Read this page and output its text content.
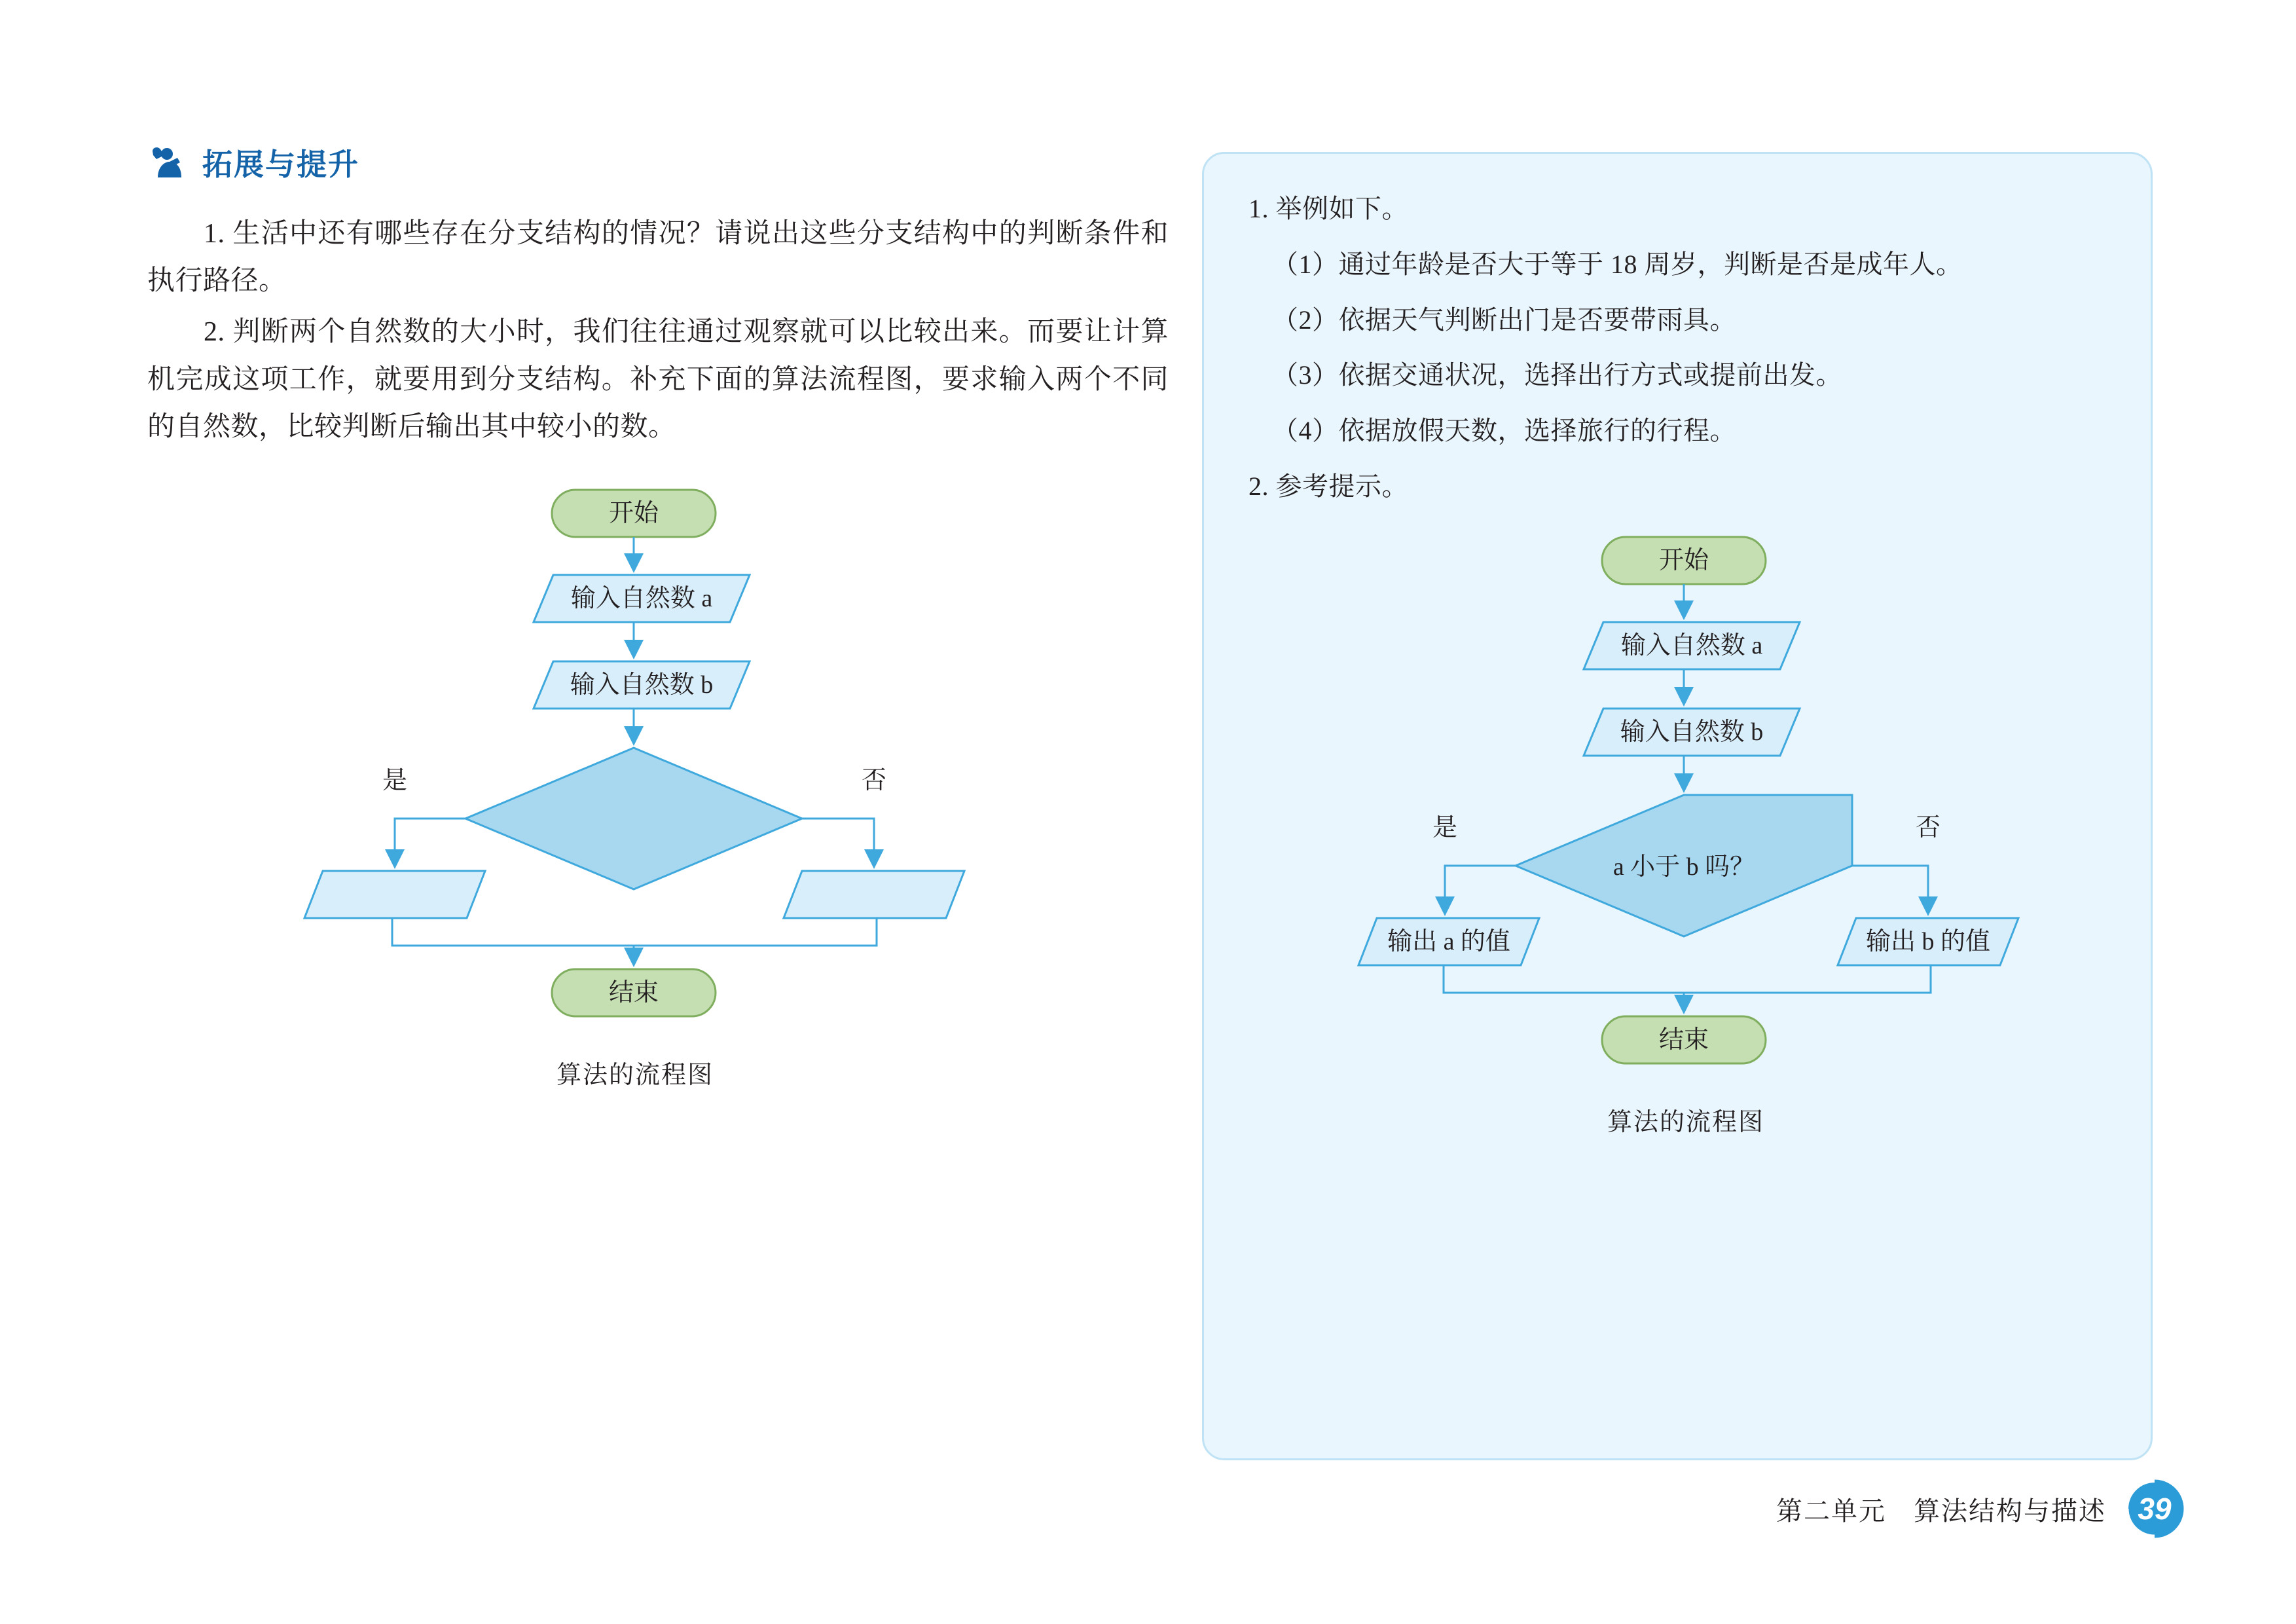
拓展与提升

1. 生活中还有哪些存在分支结构的情况？请说出这些分支结构中的判断条件和执行路径。

2. 判断两个自然数的大小时，我们往往通过观察就可以比较出来。而要让计算机完成这项工作，就要用到分支结构。补充下面的算法流程图，要求输入两个不同的自然数，比较判断后输出其中较小的数。

开始
输入自然数 a
输入自然数 b
是	否
结束
算法的流程图

1. 举例如下。

（1）通过年龄是否大于等于 18 周岁，判断是否是成年人。

（2）依据天气判断出门是否要带雨具。

（3）依据交通状况，选择出行方式或提前出发。

（4）依据放假天数，选择旅行的行程。

2. 参考提示。

开始
输入自然数 a
输入自然数 b
a 小于 b 吗？
是	否
输出 a 的值	输出 b 的值
结束
算法的流程图
第二单元　算法结构与描述	39
